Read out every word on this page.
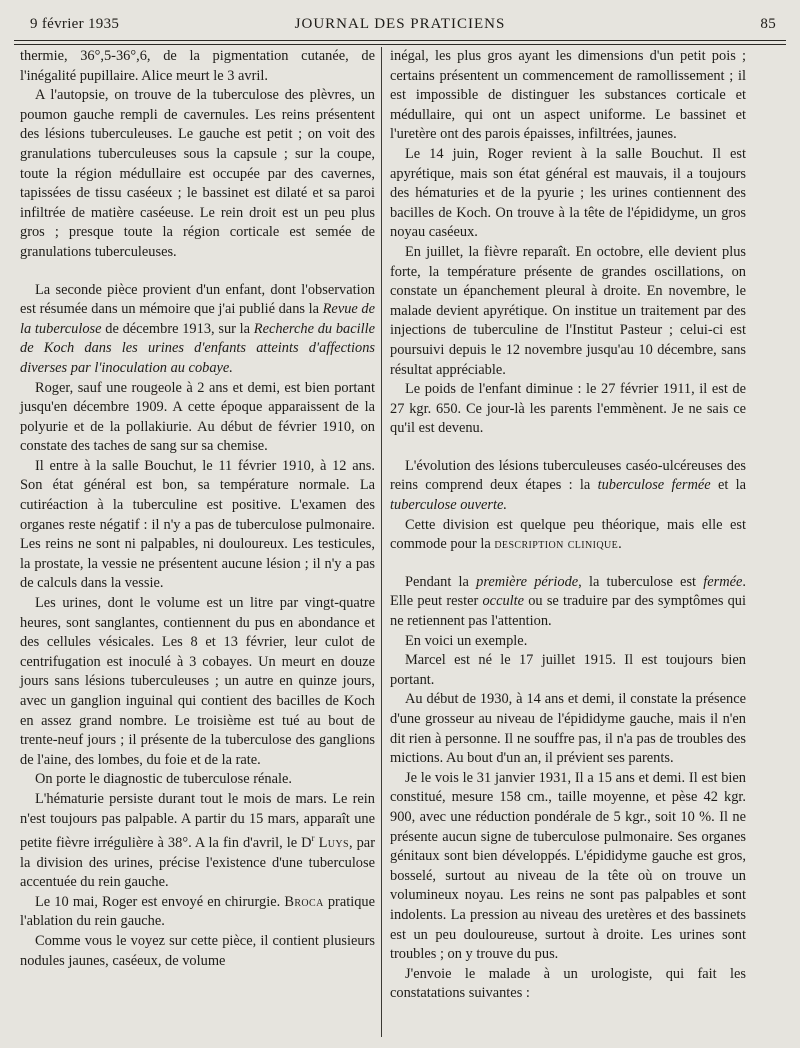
9 février 1935	JOURNAL DES PRATICIENS	85

thermie, 36°,5-36°,6, de la pigmentation cutanée, de l'inégalité pupillaire. Alice meurt le 3 avril.

A l'autopsie, on trouve de la tuberculose des plèvres, un poumon gauche rempli de cavernules. Les reins présentent des lésions tuberculeuses. Le gauche est petit ; on voit des granulations tuberculeuses sous la capsule ; sur la coupe, toute la région médullaire est occupée par des cavernes, tapissées de tissu caséeux ; le bassinet est dilaté et sa paroi infiltrée de matière caséeuse. Le rein droit est un peu plus gros ; presque toute la région corticale est semée de granulations tuberculeuses.

La seconde pièce provient d'un enfant, dont l'observation est résumée dans un mémoire que j'ai publié dans la Revue de la tuberculose de décembre 1913, sur la Recherche du bacille de Koch dans les urines d'enfants atteints d'affections diverses par l'inoculation au cobaye.

Roger, sauf une rougeole à 2 ans et demi, est bien portant jusqu'en décembre 1909. A cette époque apparaissent de la polyurie et de la pollakiurie. Au début de février 1910, on constate des taches de sang sur sa chemise.

Il entre à la salle Bouchut, le 11 février 1910, à 12 ans. Son état général est bon, sa température normale. La cutiréaction à la tuberculine est positive. L'examen des organes reste négatif : il n'y a pas de tuberculose pulmonaire. Les reins ne sont ni palpables, ni douloureux. Les testicules, la prostate, la vessie ne présentent aucune lésion ; il n'y a pas de calculs dans la vessie.

Les urines, dont le volume est un litre par vingt-quatre heures, sont sanglantes, contiennent du pus en abondance et des cellules vésicales. Les 8 et 13 février, leur culot de centrifugation est inoculé à 3 cobayes. Un meurt en douze jours sans lésions tuberculeuses ; un autre en quinze jours, avec un ganglion inguinal qui contient des bacilles de Koch en assez grand nombre. Le troisième est tué au bout de trente-neuf jours ; il présente de la tuberculose des ganglions de l'aine, des lombes, du foie et de la rate.

On porte le diagnostic de tuberculose rénale.

L'hématurie persiste durant tout le mois de mars. Le rein n'est toujours pas palpable. A partir du 15 mars, apparaît une petite fièvre irrégulière à 38°. A la fin d'avril, le $D^r$ Luys, par la division des urines, précise l'existence d'une tuberculose accentuée du rein gauche.

Le 10 mai, Roger est envoyé en chirurgie. Broca pratique l'ablation du rein gauche.

Comme vous le voyez sur cette pièce, il contient plusieurs nodules jaunes, caséeux, de volume

inégal, les plus gros ayant les dimensions d'un petit pois ; certains présentent un commencement de ramollissement ; il est impossible de distinguer les substances corticale et médullaire, qui ont un aspect uniforme. Le bassinet et l'uretère ont des parois épaisses, infiltrées, jaunes.

Le 14 juin, Roger revient à la salle Bouchut. Il est apyrétique, mais son état général est mauvais, il a toujours des hématuries et de la pyurie ; les urines contiennent des bacilles de Koch. On trouve à la tête de l'épididyme, un gros noyau caséeux.

En juillet, la fièvre reparaît. En octobre, elle devient plus forte, la température présente de grandes oscillations, on constate un épanchement pleural à droite. En novembre, le malade devient apyrétique. On institue un traitement par des injections de tuberculine de l'Institut Pasteur ; celui-ci est poursuivi depuis le 12 novembre jusqu'au 10 décembre, sans résultat appréciable.

Le poids de l'enfant diminue : le 27 février 1911, il est de 27 kgr. 650. Ce jour-là les parents l'emmènent. Je ne sais ce qu'il est devenu.

L'évolution des lésions tuberculeuses caséo-ulcéreuses des reins comprend deux étapes : la tuberculose fermée et la tuberculose ouverte.

Cette division est quelque peu théorique, mais elle est commode pour la description clinique.

Pendant la première période, la tuberculose est fermée. Elle peut rester occulte ou se traduire par des symptômes qui ne retiennent pas l'attention.

En voici un exemple.

Marcel est né le 17 juillet 1915. Il est toujours bien portant.

Au début de 1930, à 14 ans et demi, il constate la présence d'une grosseur au niveau de l'épididyme gauche, mais il n'en dit rien à personne. Il ne souffre pas, il n'a pas de troubles des mictions. Au bout d'un an, il prévient ses parents.

Je le vois le 31 janvier 1931, Il a 15 ans et demi. Il est bien constitué, mesure 158 cm., taille moyenne, et pèse 42 kgr. 900, avec une réduction pondérale de 5 kgr., soit 10 %. Il ne présente aucun signe de tuberculose pulmonaire. Ses organes génitaux sont bien développés. L'épididyme gauche est gros, bosselé, surtout au niveau de la tête où on trouve un volumineux noyau. Les reins ne sont pas palpables et sont indolents. La pression au niveau des uretères et des bassinets est un peu douloureuse, surtout à droite. Les urines sont troubles ; on y trouve du pus.

J'envoie le malade à un urologiste, qui fait les constatations suivantes :
